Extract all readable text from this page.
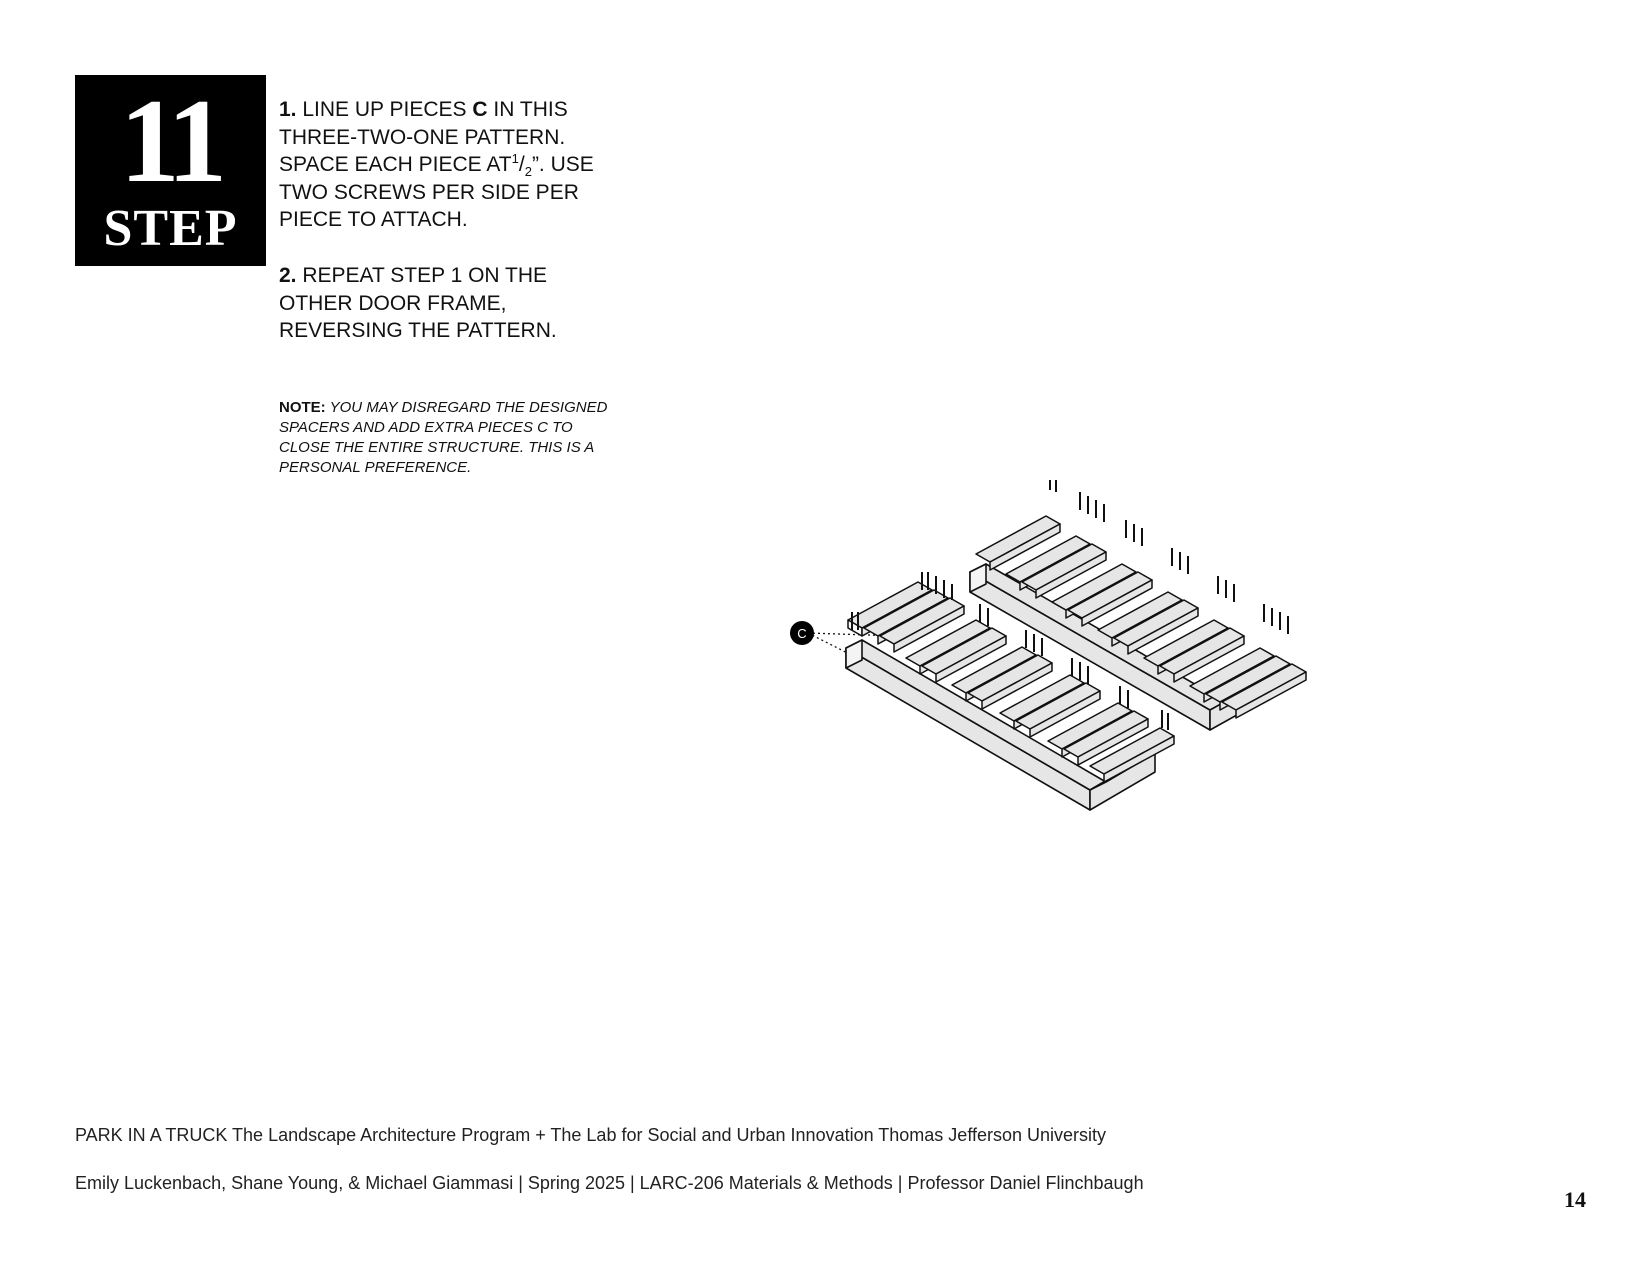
11
STEP
1. LINE UP PIECES C IN THIS THREE-TWO-ONE PATTERN. SPACE EACH PIECE $AT^1/_2$”. USE TWO SCREWS PER SIDE PER PIECE TO ATTACH.
2. REPEAT STEP 1 ON THE OTHER DOOR FRAME, REVERSING THE PATTERN.
NOTE: YOU MAY DISREGARD THE DESIGNED SPACERS AND ADD EXTRA PIECES C TO CLOSE THE ENTIRE STRUCTURE. THIS IS A PERSONAL PREFERENCE.
C
PARK IN A TRUCK The Landscape Architecture Program + The Lab for Social and Urban Innovation Thomas Jefferson University
Emily Luckenbach, Shane Young, & Michael Giammasi | Spring 2025 | LARC-206 Materials & Methods | Professor Daniel Flinchbaugh
14
